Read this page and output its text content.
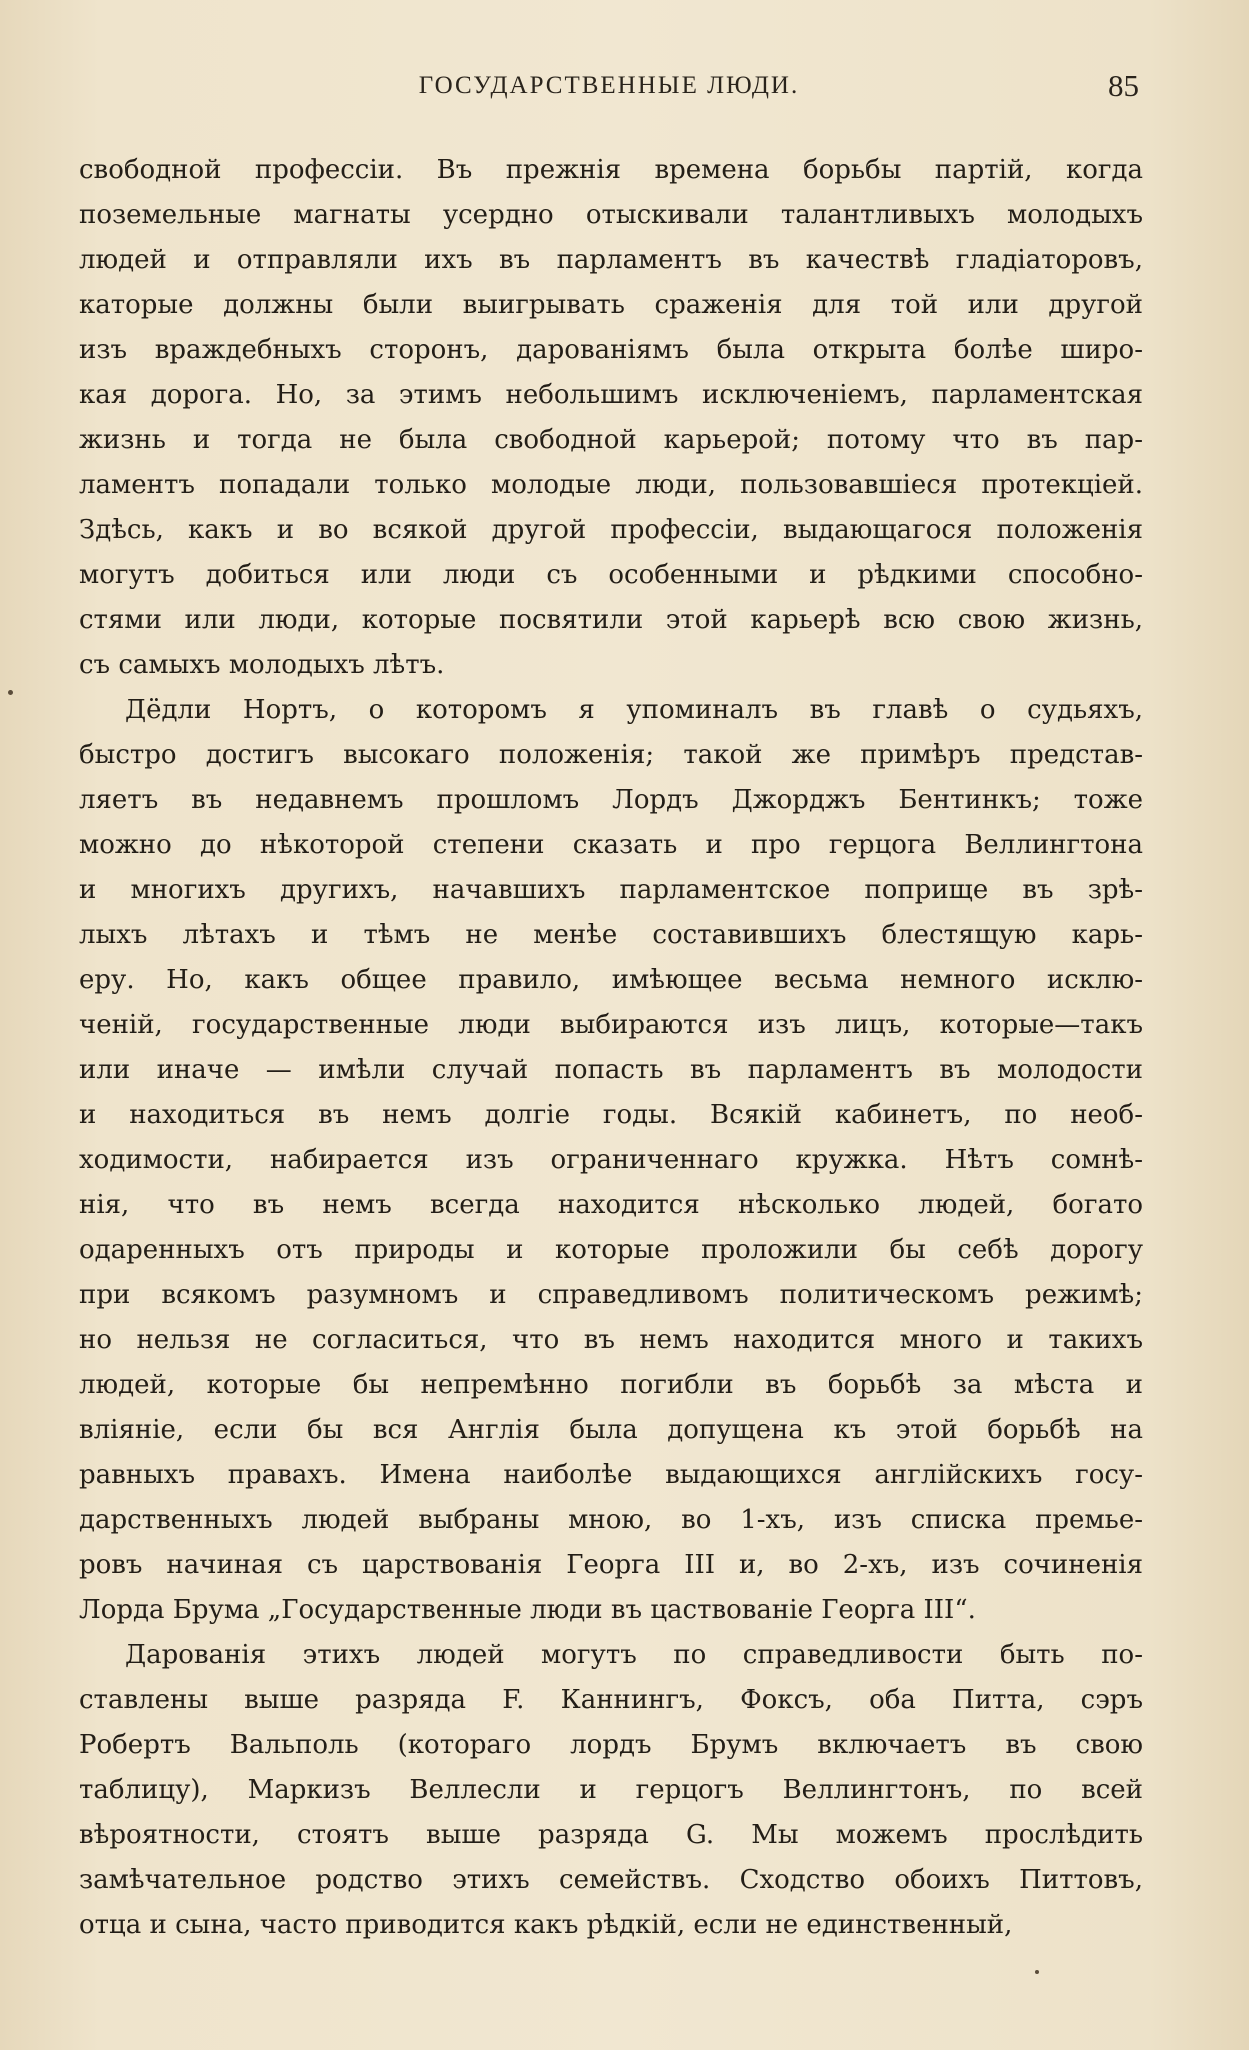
ГОСУДАРСТВЕННЫЕ ЛЮДИ.	85
свободной профессіи. Въ прежнія времена борьбы партій, когда
поземельные магнаты усердно отыскивали талантливыхъ молодыхъ
людей и отправляли ихъ въ парламентъ въ качествѣ гладіаторовъ,
каторые должны были выигрывать сраженія для той или другой
изъ враждебныхъ сторонъ, дарованіямъ была открыта болѣе широ-
кая дорога. Но, за этимъ небольшимъ исключеніемъ, парламентская
жизнь и тогда не была свободной карьерой; потому что въ пар-
ламентъ попадали только молодые люди, пользовавшіеся протекціей.
Здѣсь, какъ и во всякой другой профессіи, выдающагося положенія
могутъ добиться или люди съ особенными и рѣдкими способно-
стями или люди, которые посвятили этой карьерѣ всю свою жизнь,
съ самыхъ молодыхъ лѣтъ.
Дёдли Нортъ, о которомъ я упоминалъ въ главѣ о судьяхъ,
быстро достигъ высокаго положенія; такой же примѣръ представ-
ляетъ въ недавнемъ прошломъ Лордъ Джорджъ Бентинкъ; тоже
можно до нѣкоторой степени сказать и про герцога Веллингтона
и многихъ другихъ, начавшихъ парламентское поприще въ зрѣ-
лыхъ лѣтахъ и тѣмъ не менѣе составившихъ блестящую карь-
еру. Но, какъ общее правило, имѣющее весьма немного исклю-
ченій, государственные люди выбираются изъ лицъ, которые—такъ
или иначе — имѣли случай попасть въ парламентъ въ молодости
и находиться въ немъ долгіе годы. Всякій кабинетъ, по необ-
ходимости, набирается изъ ограниченнаго кружка. Нѣтъ сомнѣ-
нія, что въ немъ всегда находится нѣсколько людей, богато
одаренныхъ отъ природы и которые проложили бы себѣ дорогу
при всякомъ разумномъ и справедливомъ политическомъ режимѣ;
но нельзя не согласиться, что въ немъ находится много и такихъ
людей, которые бы непремѣнно погибли въ борьбѣ за мѣста и
вліяніе, если бы вся Англія была допущена къ этой борьбѣ на
равныхъ правахъ. Имена наиболѣе выдающихся англійскихъ госу-
дарственныхъ людей выбраны мною, во 1-хъ, изъ списка премье-
ровъ начиная съ царствованія Георга III и, во 2-хъ, изъ сочиненія
Лорда Брума „Государственные люди въ цаствованіе Георга III“.
Дарованія этихъ людей могутъ по справедливости быть по-
ставлены выше разряда F. Каннингъ, Фоксъ, оба Питта, сэръ
Робертъ Вальполь (котораго лордъ Брумъ включаетъ въ свою
таблицу), Маркизъ Веллесли и герцогъ Веллингтонъ, по всей
вѣроятности, стоятъ выше разряда G. Мы можемъ прослѣдить
замѣчательное родство этихъ семействъ. Сходство обоихъ Питтовъ,
отца и сына, часто приводится какъ рѣдкій, если не единственный,
